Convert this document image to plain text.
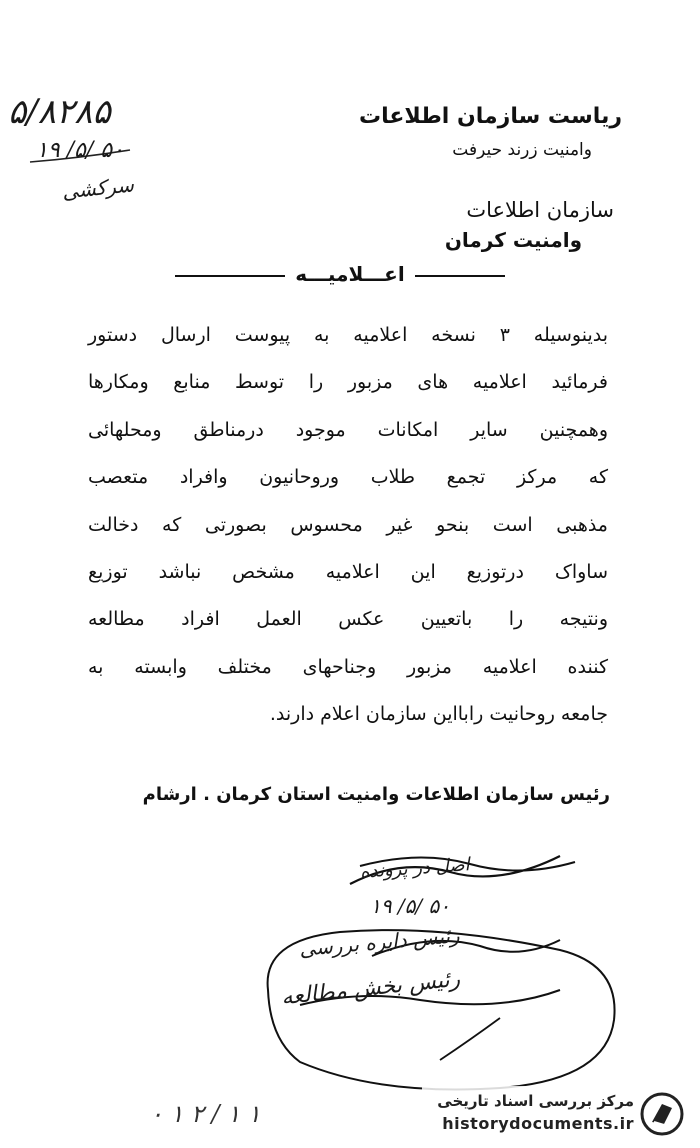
ریاست سازمان اطلاعات
وامنیت زرند حیرفت
سازمان اطلاعات
وامنیت کرمان
۵/۸۲۸۵
۱۹ /۵/ ۵۰
سرکشی
اعـــلامیـــه
بدینوسیله ۳ نسخه اعلامیه به پیوست ارسال دستور
فرمائید اعلامیه های مزبور را توسط منابع ومکارها
وهمچنین سایر امکانات موجود درمناطق ومحلهائی
که مرکز تجمع طلاب وروحانیون وافراد متعصب
مذهبی است بنحو غیر محسوس بصورتی که دخالت
ساواک درتوزیع این اعلامیه مشخص نباشد توزیع
ونتیجه را باتعیین عکس العمل افراد مطالعه
کننده اعلامیه مزبور وجناحهای مختلف وابسته به
جامعه روحانیت رابااین سازمان اعلام دارند.
رئیس سازمان اطلاعات وامنیت استان کرمان . ارشام
اصل در پرونده
۱۹ /۵/ ۵۰
رئیس دایره بررسی
رئیس بخش مطالعه
۰ ۱ ۲ / ۱ ۱	مرکز بررسی اسناد تاریخی
historydocuments.ir
